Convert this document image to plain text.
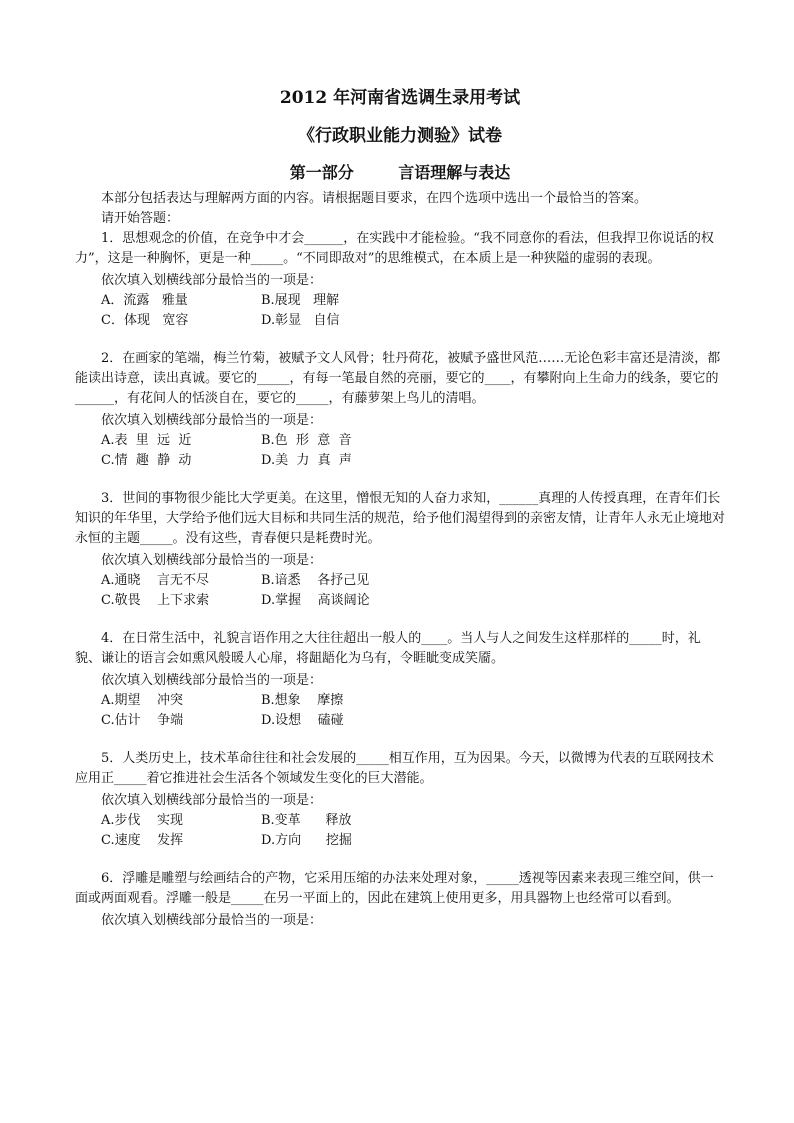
2012 年河南省选调生录用考试
《行政职业能力测验》试卷
第一部分        言语理解与表达

本部分包括表达与理解两方面的内容。请根据题目要求，在四个选项中选出一个最恰当的答案。

请开始答题：

1．思想观念的价值，在竞争中才会______，在实践中才能检验。“我不同意你的看法，但我捍卫你说话的权力”，这是一种胸怀，更是一种_____。“不同即敌对”的思维模式，在本质上是一种狭隘的虚弱的表现。

依次填入划横线部分最恰当的一项是：

A．流露   雅量	B.展现   理解
C．体现   宽容	D.彰显   自信

2．在画家的笔端，梅兰竹菊，被赋予文人风骨；牡丹荷花，被赋予盛世风范……无论色彩丰富还是清淡，都能读出诗意，读出真诚。要它的_____，有每一笔最自然的亮丽，要它的____，有攀附向上生命力的线条，要它的______，有花间人的恬淡自在，要它的_____，有藤萝架上鸟儿的清唱。

依次填入划横线部分最恰当的一项是：

A.表  里  远  近	B.色  形  意  音
C.情  趣  静  动	D.美  力  真  声

3．世间的事物很少能比大学更美。在这里，憎恨无知的人奋力求知，______真理的人传授真理，在青年们长知识的年华里，大学给予他们远大目标和共同生活的规范，给予他们渴望得到的亲密友情，让青年人永无止境地对永恒的主题_____。没有这些，青春便只是耗费时光。

依次填入划横线部分最恰当的一项是：

A.通晓    言无不尽	B.谙悉    各抒己见
C.敬畏    上下求索	D.掌握    高谈阔论

4．在日常生活中，礼貌言语作用之大往往超出一般人的____。当人与人之间发生这样那样的_____时，礼貌、谦让的语言会如熏风般暖人心扉，将龃龉化为乌有，令睚眦变成笑靥。

依次填入划横线部分最恰当的一项是：

A.期望    冲突	B.想象    摩擦
C.估计    争端	D.设想    磕碰

5．人类历史上，技术革命往往和社会发展的_____相互作用，互为因果。今天，以微博为代表的互联网技术应用正_____着它推进社会生活各个领域发生变化的巨大潜能。

依次填入划横线部分最恰当的一项是：

A.步伐    实现	B.变革      释放
C.速度    发挥	D.方向      挖掘

6．浮雕是雕塑与绘画结合的产物，它采用压缩的办法来处理对象，_____透视等因素来表现三维空间，供一面或两面观看。浮雕一般是_____在另一平面上的，因此在建筑上使用更多，用具器物上也经常可以看到。

依次填入划横线部分最恰当的一项是：
